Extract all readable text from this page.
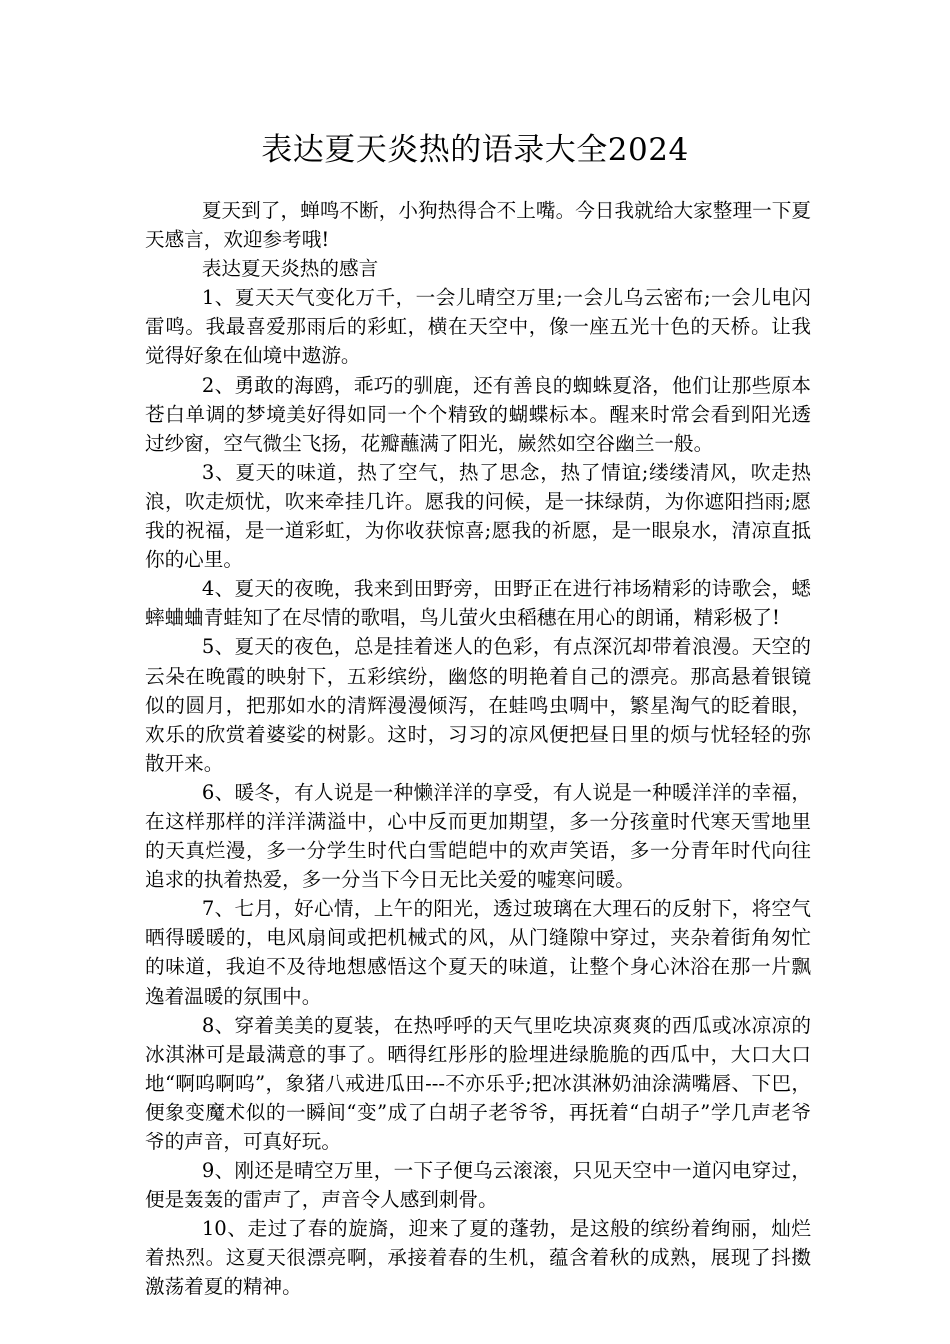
表达夏天炎热的语录大全2024

夏天到了，蝉鸣不断，小狗热得合不上嘴。今日我就给大家整理一下夏天感言，欢迎参考哦!

表达夏天炎热的感言

1、夏天天气变化万千，一会儿晴空万里;一会儿乌云密布;一会儿电闪雷鸣。我最喜爱那雨后的彩虹，横在天空中，像一座五光十色的天桥。让我觉得好象在仙境中遨游。

2、勇敢的海鸥，乖巧的驯鹿，还有善良的蜘蛛夏洛，他们让那些原本苍白单调的梦境美好得如同一个个精致的蝴蝶标本。醒来时常会看到阳光透过纱窗，空气微尘飞扬，花瓣蘸满了阳光，嶡然如空谷幽兰一般。

3、夏天的味道，热了空气，热了思念，热了情谊;缕缕清风，吹走热浪，吹走烦忧，吹来牵挂几许。愿我的问候，是一抹绿荫，为你遮阳挡雨;愿我的祝福，是一道彩虹，为你收获惊喜;愿我的祈愿，是一眼泉水，清凉直抵你的心里。

4、夏天的夜晚，我来到田野旁，田野正在进行祎场精彩的诗歌会，蟋蟀蛐蛐青蛙知了在尽情的歌唱，鸟儿萤火虫稻穗在用心的朗诵，精彩极了!

5、夏天的夜色，总是挂着迷人的色彩，有点深沉却带着浪漫。天空的云朵在晚霞的映射下，五彩缤纷，幽悠的明艳着自己的漂亮。那高悬着银镜似的圆月，把那如水的清辉漫漫倾泻，在蛙鸣虫啁中，繁星淘气的眨着眼，欢乐的欣赏着婆娑的树影。这时，习习的凉风便把昼日里的烦与忧轻轻的弥散开来。

6、暖冬，有人说是一种懒洋洋的享受，有人说是一种暖洋洋的幸福，在这样那样的洋洋满溢中，心中反而更加期望，多一分孩童时代寒天雪地里的天真烂漫，多一分学生时代白雪皑皑中的欢声笑语，多一分青年时代向往追求的执着热爱，多一分当下今日无比关爱的嘘寒问暖。

7、七月，好心情，上午的阳光，透过玻璃在大理石的反射下，将空气晒得暖暖的，电风扇间或把机械式的风，从门缝隙中穿过，夹杂着街角匆忙的味道，我迫不及待地想感悟这个夏天的味道，让整个身心沐浴在那一片飘逸着温暖的氛围中。

8、穿着美美的夏装，在热呼呼的天气里吃块凉爽爽的西瓜或冰凉凉的冰淇淋可是最满意的事了。晒得红彤彤的脸埋进绿脆脆的西瓜中，大口大口地“啊呜啊呜”，象猪八戒进瓜田---不亦乐乎;把冰淇淋奶油涂满嘴唇、下巴，便象变魔术似的一瞬间“变”成了白胡子老爷爷，再抚着“白胡子”学几声老爷爷的声音，可真好玩。

9、刚还是晴空万里，一下子便乌云滚滚，只见天空中一道闪电穿过，便是轰轰的雷声了，声音令人感到刺骨。

10、走过了春的旋旖，迎来了夏的蓬勃，是这般的缤纷着绚丽，灿烂着热烈。这夏天很漂亮啊，承接着春的生机，蕴含着秋的成熟，展现了抖擞激荡着夏的精神。
